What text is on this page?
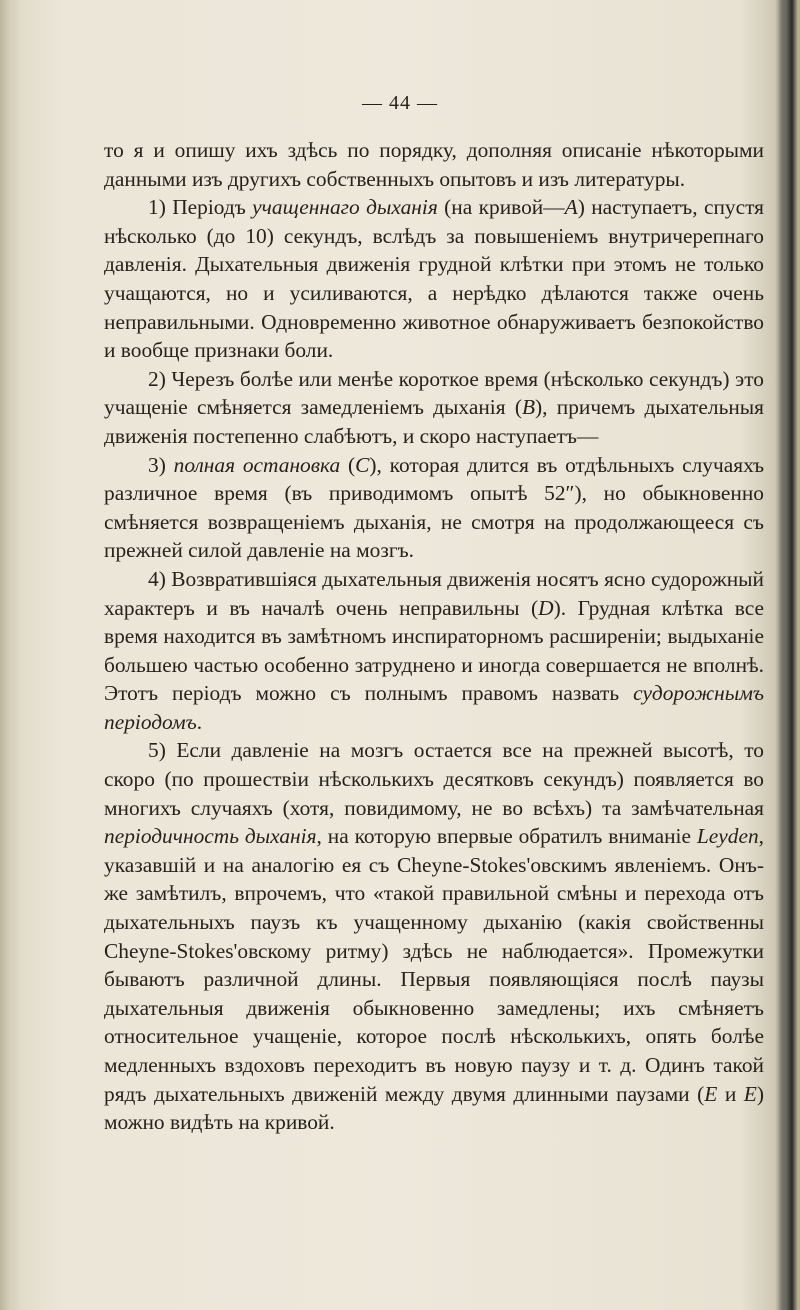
— 44 —

то я и опишу ихъ здѣсь по порядку, дополняя описаніе нѣкоторыми данными изъ другихъ собственныхъ опытовъ и изъ литературы.

1) Періодъ учащеннаго дыханія (на кривой—A) наступаетъ, спустя нѣсколько (до 10) секундъ, вслѣдъ за повышеніемъ внутричерепнаго давленія. Дыхательныя движенія грудной клѣтки при этомъ не только учащаются, но и усиливаются, а нерѣдко дѣлаются также очень неправильными. Одновременно животное обнаруживаетъ безпокойство и вообще признаки боли.

2) Черезъ болѣе или менѣе короткое время (нѣсколько секундъ) это учащеніе смѣняется замедленіемъ дыханія (B), причемъ дыхательныя движенія постепенно слабѣютъ, и скоро наступаетъ—

3) полная остановка (C), которая длится въ отдѣльныхъ случаяхъ различное время (въ приводимомъ опытѣ 52″), но обыкновенно смѣняется возвращеніемъ дыханія, не смотря на продолжающееся съ прежней силой давленіе на мозгъ.

4) Возвратившіяся дыхательныя движенія носятъ ясно судорожный характеръ и въ началѣ очень неправильны (D). Грудная клѣтка все время находится въ замѣтномъ инспираторномъ расширеніи; выдыханіе большею частью особенно затруднено и иногда совершается не вполнѣ. Этотъ періодъ можно съ полнымъ правомъ назвать судорожнымъ періодомъ.

5) Если давленіе на мозгъ остается все на прежней высотѣ, то скоро (по прошествіи нѣсколькихъ десятковъ секундъ) появляется во многихъ случаяхъ (хотя, повидимому, не во всѣхъ) та замѣчательная періодичность дыханія, на которую впервые обратилъ вниманіе Leyden, указавшій и на аналогію ея съ Cheyne-Stokes'овскимъ явленіемъ. Онъ-же замѣтилъ, впрочемъ, что «такой правильной смѣны и перехода отъ дыхательныхъ паузъ къ учащенному дыханію (какія свойственны Cheyne-Stokes'овскому ритму) здѣсь не наблюдается». Промежутки бываютъ различной длины. Первыя появляющіяся послѣ паузы дыхательныя движенія обыкновенно замедлены; ихъ смѣняетъ относительное учащеніе, которое послѣ нѣсколькихъ, опять болѣе медленныхъ вздоховъ переходитъ въ новую паузу и т. д. Одинъ такой рядъ дыхательныхъ движеній между двумя длинными паузами (E и E) можно видѣть на кривой.
